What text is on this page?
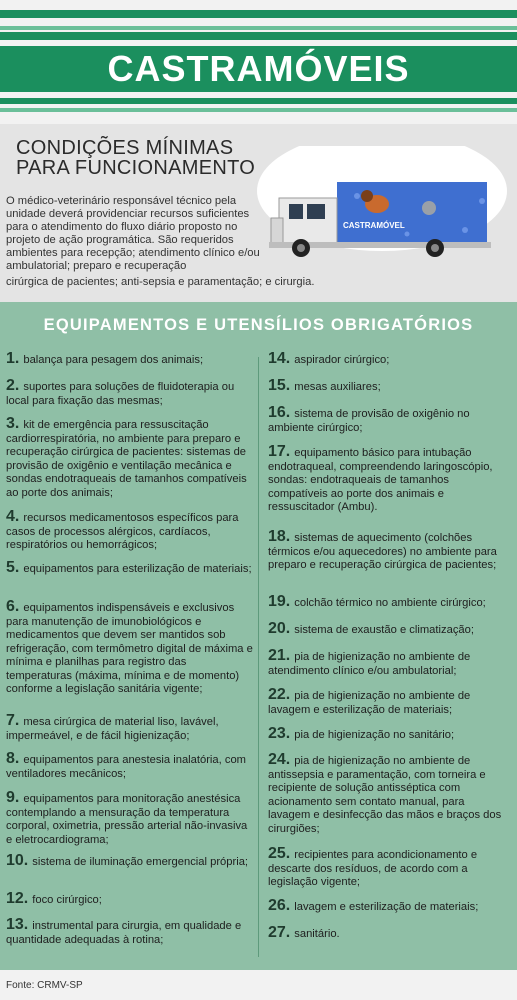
CASTRAMÓVEIS
CONDIÇÕES MÍNIMAS
PARA FUNCIONAMENTO
O médico-veterinário responsável técnico pela unidade deverá providenciar recursos suficientes para o atendimento do fluxo diário proposto no projeto de ação programática. São requeridos ambientes para recepção; atendimento clínico e/ou ambulatorial; preparo e recuperação
cirúrgica de pacientes; anti-sepsia e paramentação; e cirurgia.
CASTRAMÓVEL
EQUIPAMENTOS E UTENSÍLIOS OBRIGATÓRIOS
1. balança para pesagem dos animais;
2. suportes para soluções de fluidoterapia ou local para fixação das mesmas;
3. kit de emergência para ressuscitação cardiorrespiratória, no ambiente para preparo e recuperação cirúrgica de pacientes: sistemas de provisão de oxigênio e ventilação mecânica e sondas endotraqueais de tamanhos compatíveis ao porte dos animais;
4. recursos medicamentosos específicos para casos de processos alérgicos, cardíacos, respiratórios ou hemorrágicos;
5. equipamentos para esterilização de materiais;
6. equipamentos indispensáveis e exclusivos para manutenção de imunobiológicos e medicamentos que devem ser mantidos sob refrigeração, com termômetro digital de máxima e mínima e planilhas para registro das temperaturas (máxima, mínima e de momento) conforme a legislação sanitária vigente;
7. mesa cirúrgica de material liso, lavável, impermeável, e de fácil higienização;
8. equipamentos para anestesia inalatória, com ventiladores mecânicos;
9. equipamentos para monitoração anestésica contemplando a mensuração da temperatura corporal, oximetria, pressão arterial não-invasiva e eletrocardiograma;
10. sistema de iluminação emergencial própria;
12. foco cirúrgico;
13. instrumental para cirurgia, em qualidade e quantidade adequadas à rotina;
14. aspirador cirúrgico;
15. mesas auxiliares;
16. sistema de provisão de oxigênio no ambiente cirúrgico;
17. equipamento básico para intubação endotraqueal, compreendendo laringoscópio, sondas: endotraqueais de tamanhos compatíveis ao porte dos animais e ressuscitador (Ambu).
18. sistemas de aquecimento (colchões térmicos e/ou aquecedores) no ambiente para preparo e recuperação cirúrgica de pacientes;
19. colchão térmico no ambiente cirúrgico;
20. sistema de exaustão e climatização;
21. pia de higienização no ambiente de atendimento clínico e/ou ambulatorial;
22. pia de higienização no ambiente de lavagem e esterilização de materiais;
23. pia de higienização no sanitário;
24. pia de higienização no ambiente de antissepsia e paramentação, com torneira e recipiente de solução antisséptica com acionamento sem contato manual, para lavagem e desinfecção das mãos e braços dos cirurgiões;
25. recipientes para acondicionamento e descarte dos resíduos, de acordo com a legislação vigente;
26. lavagem e esterilização de materiais;
27. sanitário.
Fonte: CRMV-SP
